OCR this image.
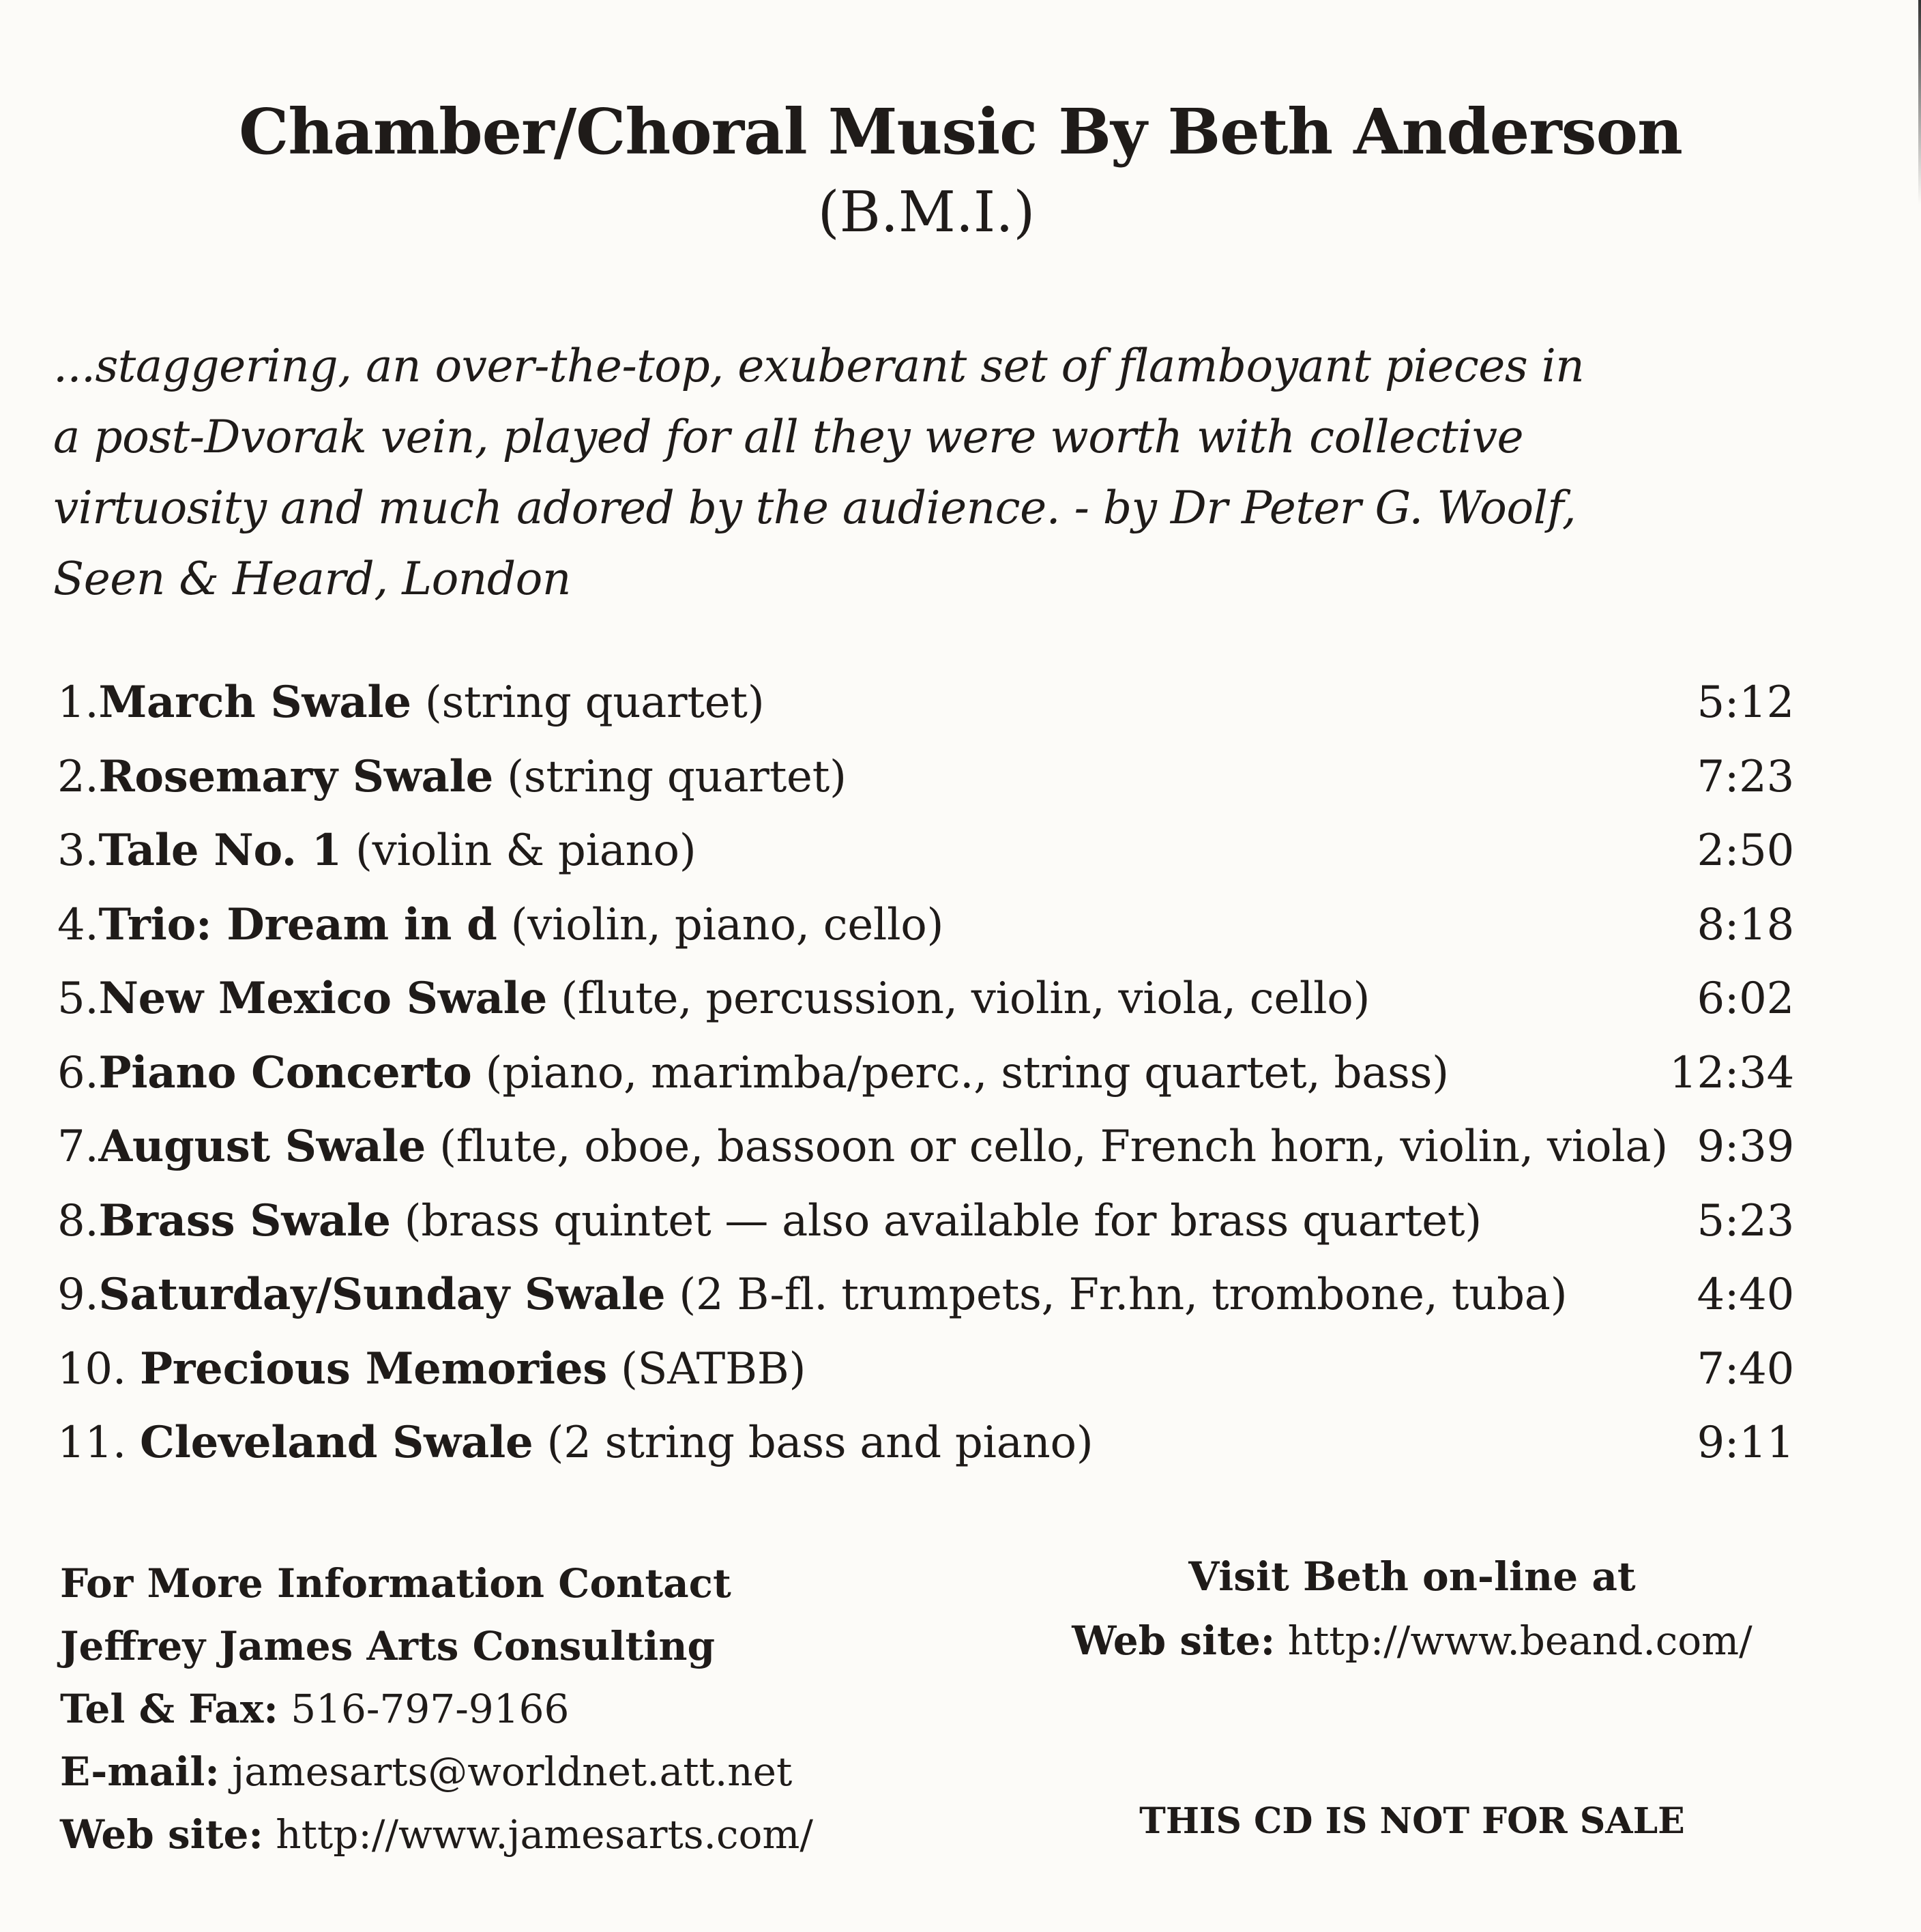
Chamber/Choral Music By Beth Anderson
(B.M.I.)
...staggering, an over-the-top, exuberant set of flamboyant pieces in
a post-Dvorak vein, played for all they were worth with collective
virtuosity and much adored by the audience. - by Dr Peter G. Woolf,
Seen & Heard, London
1.March Swale (string quartet)	5:12
2.Rosemary Swale (string quartet)	7:23
3.Tale No. 1 (violin & piano)	2:50
4.Trio: Dream in d (violin, piano, cello)	8:18
5.New Mexico Swale (flute, percussion, violin, viola, cello)	6:02
6.Piano Concerto (piano, marimba/perc., string quartet, bass)	12:34
7.August Swale (flute, oboe, bassoon or cello, French horn, violin, viola) 9:39
8.Brass Swale (brass quintet — also available for brass quartet)	5:23
9.Saturday/Sunday Swale (2 B-fl. trumpets, Fr.hn, trombone, tuba)	4:40
10. Precious Memories (SATBB)	7:40
11. Cleveland Swale (2 string bass and piano)	9:11
For More Information Contact
Jeffrey James Arts Consulting
Tel & Fax: 516-797-9166
E-mail: jamesarts@worldnet.att.net
Web site: http://www.jamesarts.com/
Visit Beth on-line at
Web site: http://www.beand.com/
THIS CD IS NOT FOR SALE
